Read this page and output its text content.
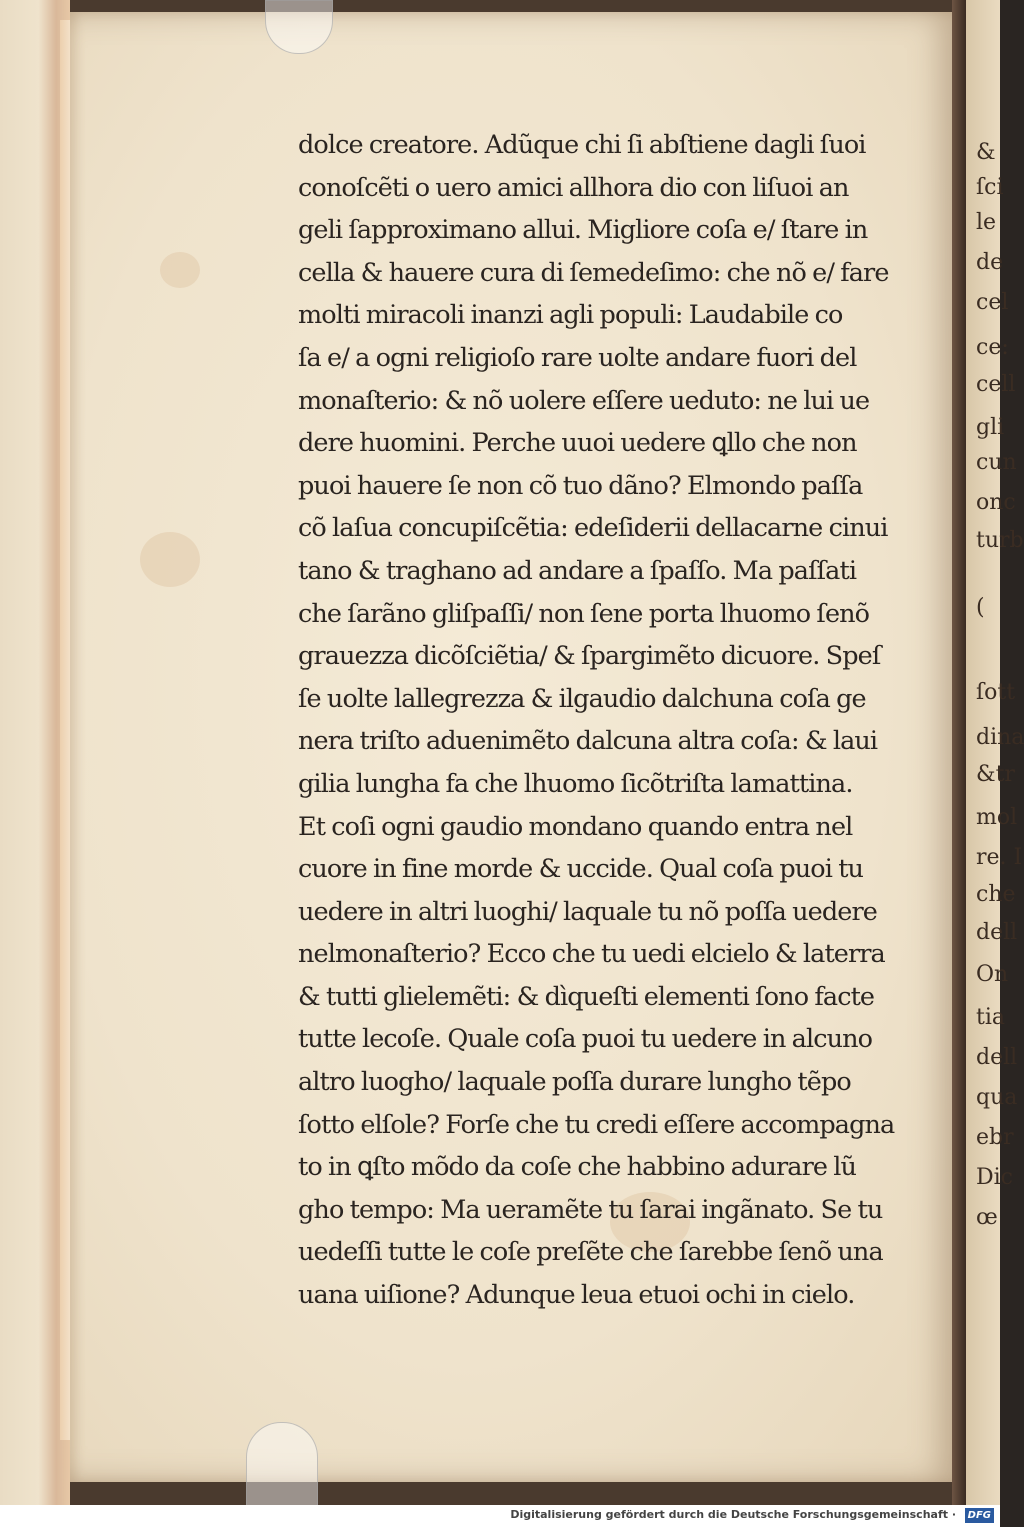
dolce creatore. Adũque chi ſi abſtiene dagli ſuoi
conoſcẽti o uero amici allhora dio con liſuoi an
geli ſapproximano allui. Migliore coſa e/ ſtare in
cella & hauere cura di ſemedeſimo: che nõ e/ fare
molti miracoli inanzi agli populi: Laudabile co
ſa e/ a ogni religioſo rare uolte andare fuori del
monaſterio: & nõ uolere eſſere ueduto: ne lui ue
dere huomini. Perche uuoi uedere ꝗllo che non
puoi hauere ſe non cõ tuo dãno? Elmondo paſſa
cõ laſua concupiſcẽtia: edeſiderii dellacarne cinui
tano & traghano ad andare a ſpaſſo. Ma paſſati
che ſarãno gliſpaſſi/ non ſene porta lhuomo ſenõ
grauezza dicõſciẽtia/ & ſpargimẽto dicuore. Speſ
ſe uolte lallegrezza & ilgaudio dalchuna coſa ge
nera triſto aduenimẽto dalcuna altra coſa: & laui
gilia lungha fa che lhuomo ſicõtriſta lamattina.
Et coſi ogni gaudio mondano quando entra nel
cuore in fine morde & uccide. Qual coſa puoi tu
uedere in altri luoghi/ laquale tu nõ poſſa uedere
nelmonaſterio? Ecco che tu uedi elcielo & laterra
& tutti glielemẽti: & dìqueſti elementi ſono facte
tutte lecoſe. Quale coſa puoi tu uedere in alcuno
altro luogho/ laquale poſſa durare lungho tẽpo
ſotto elſole? Forſe che tu credi eſſere accompagna
to in ꝗſto mõdo da coſe che habbino adurare lũ
gho tempo: Ma ueramẽte tu ſarai ingãnato. Se tu
uedeſſi tutte le coſe preſẽte che ſarebbe ſenõ una
uana uiſione? Adunque leua etuoi ochi in cielo.
&
ſci
le
de
cel
ce:
cell
gli
cun
onc
turb
(
ſott
dina
&tr
mol
re. I
che
dell
On
tia
dell
qua
ebr
Dic
œ
Digitalisierung gefördert durch die Deutsche Forschungsgemeinschaft ·	DFG
